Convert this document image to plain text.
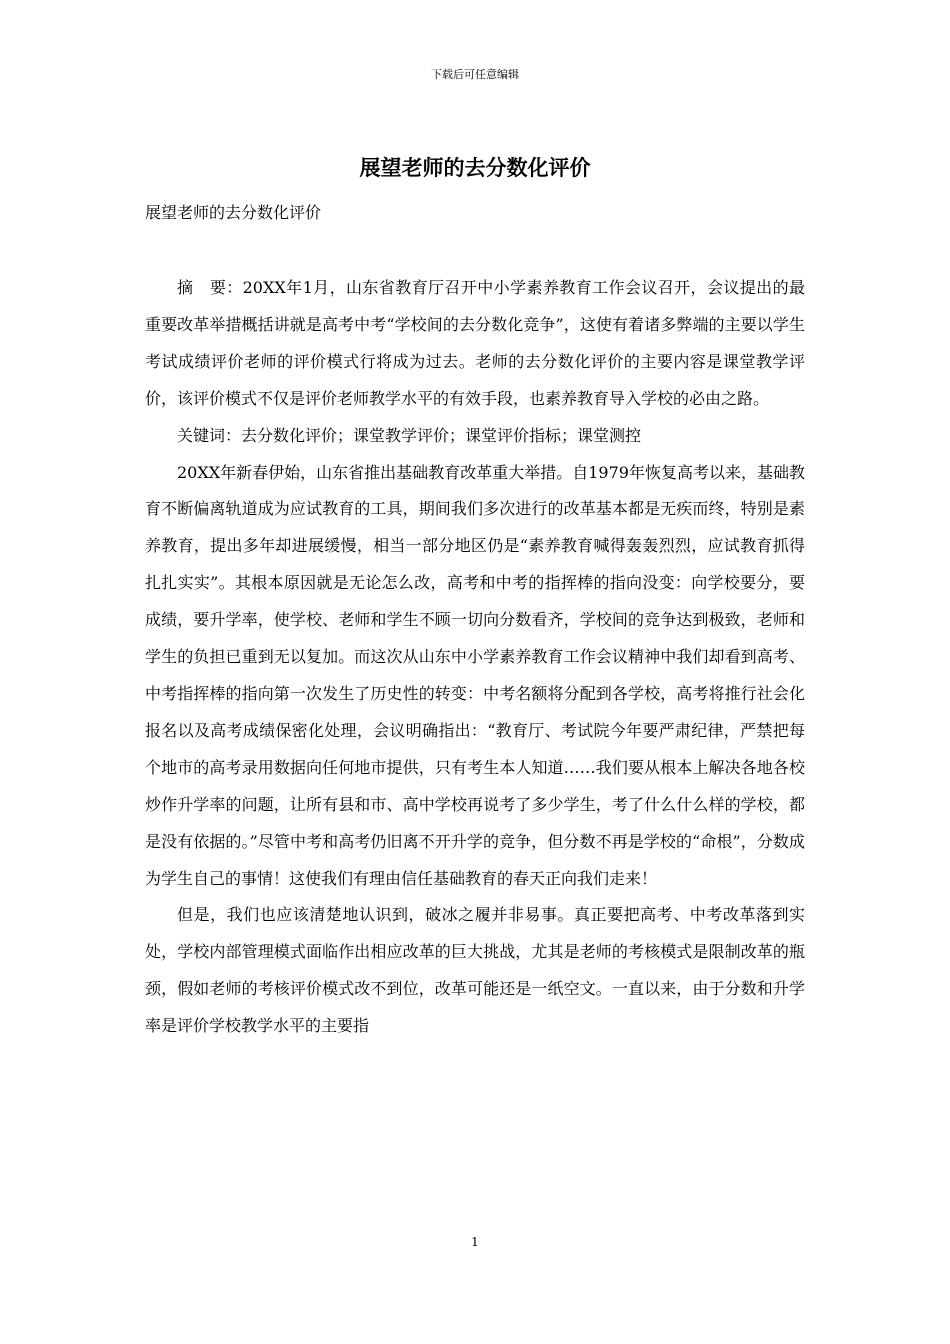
下载后可任意编辑
展望老师的去分数化评价

展望老师的去分数化评价

摘　要：20XX年1月，山东省教育厅召开中小学素养教育工作会议召开，会议提出的最重要改革举措概括讲就是高考中考“学校间的去分数化竞争”，这使有着诸多弊端的主要以学生考试成绩评价老师的评价模式行将成为过去。老师的去分数化评价的主要内容是课堂教学评价，该评价模式不仅是评价老师教学水平的有效手段，也素养教育导入学校的必由之路。

关键词：去分数化评价；课堂教学评价；课堂评价指标；课堂测控

20XX年新春伊始，山东省推出基础教育改革重大举措。自1979年恢复高考以来，基础教育不断偏离轨道成为应试教育的工具，期间我们多次进行的改革基本都是无疾而终，特别是素养教育，提出多年却进展缓慢，相当一部分地区仍是“素养教育喊得轰轰烈烈，应试教育抓得扎扎实实”。其根本原因就是无论怎么改，高考和中考的指挥棒的指向没变：向学校要分，要成绩，要升学率，使学校、老师和学生不顾一切向分数看齐，学校间的竞争达到极致，老师和学生的负担已重到无以复加。而这次从山东中小学素养教育工作会议精神中我们却看到高考、中考指挥棒的指向第一次发生了历史性的转变：中考名额将分配到各学校，高考将推行社会化报名以及高考成绩保密化处理，会议明确指出：“教育厅、考试院今年要严肃纪律，严禁把每个地市的高考录用数据向任何地市提供，只有考生本人知道……我们要从根本上解决各地各校炒作升学率的问题，让所有县和市、高中学校再说考了多少学生，考了什么什么样的学校，都是没有依据的。”尽管中考和高考仍旧离不开升学的竞争，但分数不再是学校的“命根”，分数成为学生自己的事情！这使我们有理由信任基础教育的春天正向我们走来！

但是，我们也应该清楚地认识到，破冰之履并非易事。真正要把高考、中考改革落到实处，学校内部管理模式面临作出相应改革的巨大挑战，尤其是老师的考核模式是限制改革的瓶颈，假如老师的考核评价模式改不到位，改革可能还是一纸空文。一直以来，由于分数和升学率是评价学校教学水平的主要指

1
